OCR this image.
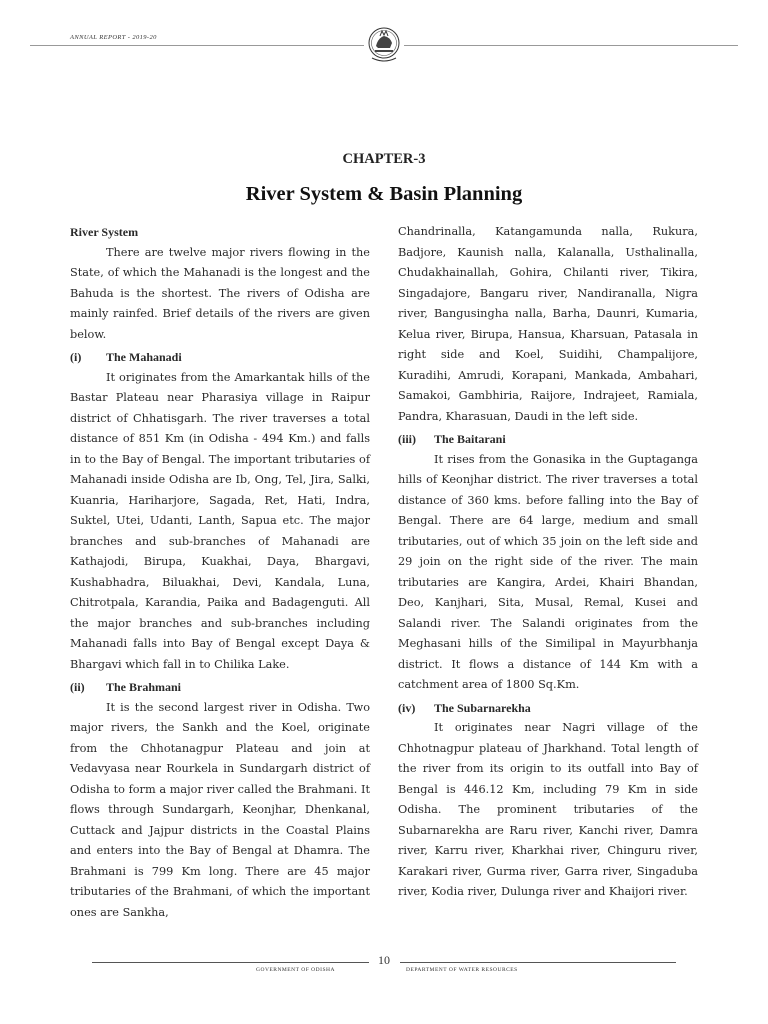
ANNUAL REPORT - 2019-20
CHAPTER-3
River System & Basin Planning
River System

There are twelve major rivers flowing in the State, of which the Mahanadi is the longest and the Bahuda is the shortest. The rivers of Odisha are mainly rainfed. Brief details of the rivers are given below.

(i) The Mahanadi

It originates from the Amarkantak hills of the Bastar Plateau near Pharasiya village in Raipur district of Chhatisgarh. The river traverses a total distance of 851 Km (in Odisha - 494 Km.) and falls in to the Bay of Bengal. The important tributaries of Mahanadi inside Odisha are Ib, Ong, Tel, Jira, Salki, Kuanria, Hariharjore, Sagada, Ret, Hati, Indra, Suktel, Utei, Udanti, Lanth, Sapua etc. The major branches and sub-branches of Mahanadi are Kathajodi, Birupa, Kuakhai, Daya, Bhargavi, Kushabhadra, Biluakhai, Devi, Kandala, Luna, Chitrotpala, Karandia, Paika and Badagenguti. All the major branches and sub-branches including Mahanadi falls into Bay of Bengal except Daya & Bhargavi which fall in to Chilika Lake.

(ii) The Brahmani

It is the second largest river in Odisha. Two major rivers, the Sankh and the Koel, originate from the Chhotanagpur Plateau and join at Vedavyasa near Rourkela in Sundargarh district of Odisha to form a major river called the Brahmani. It flows through Sundargarh, Keonjhar, Dhenkanal, Cuttack and Jajpur districts in the Coastal Plains and enters into the Bay of Bengal at Dhamra. The Brahmani is 799 Km long. There are 45 major tributaries of the Brahmani, of which the important ones are Sankha,

Chandrinalla, Katangamunda nalla, Rukura, Badjore, Kaunish nalla, Kalanalla, Usthalinalla, Chudakhainallah, Gohira, Chilanti river, Tikira, Singadajore, Bangaru river, Nandiranalla, Nigra river, Bangusingha nalla, Barha, Daunri, Kumaria, Kelua river, Birupa, Hansua, Kharsuan, Patasala in right side and Koel, Suidihi, Champalijore, Kuradihi, Amrudi, Korapani, Mankada, Ambahari, Samakoi, Gambhiria, Raijore, Indrajeet, Ramiala, Pandra, Kharasuan, Daudi in the left side.

(iii) The Baitarani

It rises from the Gonasika in the Guptaganga hills of Keonjhar district. The river traverses a total distance of 360 kms. before falling into the Bay of Bengal. There are 64 large, medium and small tributaries, out of which 35 join on the left side and 29 join on the right side of the river. The main tributaries are Kangira, Ardei, Khairi Bhandan, Deo, Kanjhari, Sita, Musal, Remal, Kusei and Salandi river. The Salandi originates from the Meghasani hills of the Similipal in Mayurbhanja district. It flows a distance of 144 Km with a catchment area of 1800 Sq.Km.

(iv) The Subarnarekha

It originates near Nagri village of the Chhotnagpur plateau of Jharkhand. Total length of the river from its origin to its outfall into Bay of Bengal is 446.12 Km, including 79 Km in side Odisha. The prominent tributaries of the Subarnarekha are Raru river, Kanchi river, Damra river, Karru river, Kharkhai river, Chinguru river, Karakari river, Gurma river, Garra river, Singaduba river, Kodia river, Dulunga river and Khaijori river.

10
GOVERNMENT OF ODISHA	DEPARTMENT OF WATER RESOURCES
